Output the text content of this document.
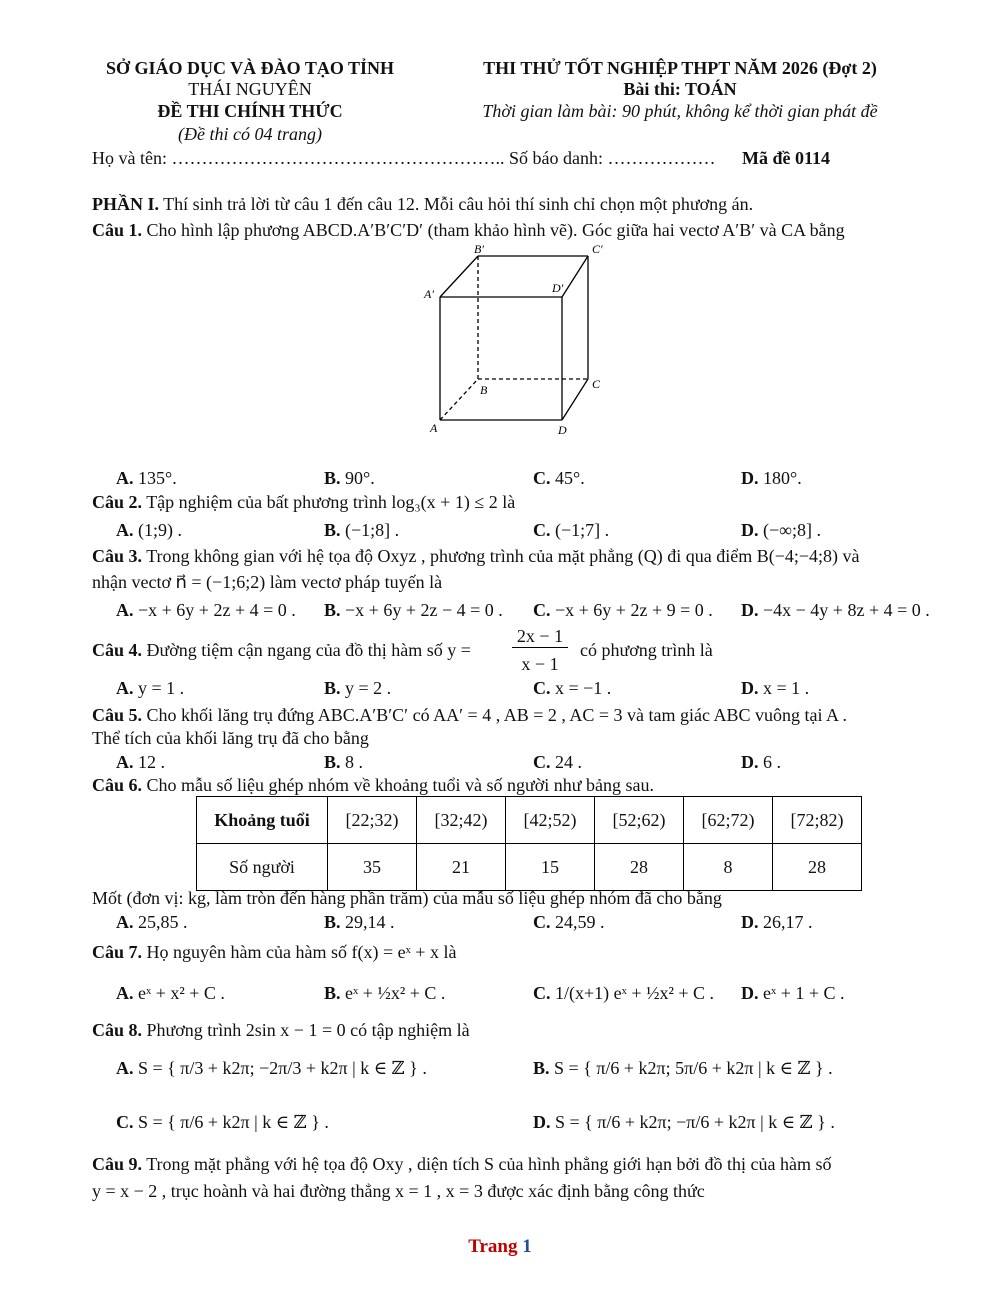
SỞ GIÁO DỤC VÀ ĐÀO TẠO TỈNH
THÁI NGUYÊN
ĐỀ THI CHÍNH THỨC
(Đề thi có 04 trang)
THI THỬ TỐT NGHIỆP THPT NĂM 2026 (Đợt 2)
Bài thi: TOÁN
Thời gian làm bài: 90 phút, không kể thời gian phát đề
Họ và tên: ……………………………………………….. Số báo danh: ……………… Mã đề 0114
PHẦN I. Thí sinh trả lời từ câu 1 đến câu 12. Mỗi câu hỏi thí sinh chỉ chọn một phương án.
Câu 1. Cho hình lập phương ABCD.A′B′C′D′ (tham khảo hình vẽ). Góc giữa hai vectơ A′B′ và CA bằng
B′	C′
A′	D′
B	C
A	D
A. 135°.	B. 90°.	C. 45°.	D. 180°.
Câu 2. Tập nghiệm của bất phương trình log₃(x + 1) ≤ 2 là
A. (1;9) .	B. (−1;8] .	C. (−1;7] .	D. (−∞;8] .
Câu 3. Trong không gian với hệ tọa độ Oxyz , phương trình của mặt phẳng (Q) đi qua điểm B(−4;−4;8) và
nhận vectơ n⃗ = (−1;6;2) làm vectơ pháp tuyến là
A. −x + 6y + 2z + 4 = 0 . B. −x + 6y + 2z − 4 = 0 . C. −x + 6y + 2z + 9 = 0 . D. −4x − 4y + 8z + 4 = 0 .
Câu 4. Đường tiệm cận ngang của đồ thị hàm số y =
2x − 1
x − 1
có phương trình là
A. y = 1 .	B. y = 2 .	C. x = −1 .	D. x = 1 .
Câu 5. Cho khối lăng trụ đứng ABC.A′B′C′ có AA′ = 4 , AB = 2 , AC = 3 và tam giác ABC vuông tại A .
Thể tích của khối lăng trụ đã cho bằng
A. 12 .	B. 8 .	C. 24 .	D. 6 .
Câu 6. Cho mẫu số liệu ghép nhóm về khoảng tuổi và số người như bảng sau.
Khoảng tuổi	[22;32)	[32;42)	[42;52)	[52;62)	[62;72)	[72;82)
Số người	35	21	15	28	8	28
Mốt (đơn vị: kg, làm tròn đến hàng phần trăm) của mẫu số liệu ghép nhóm đã cho bằng
A. 25,85 .	B. 29,14 .	C. 24,59 .	D. 26,17 .
Câu 7. Họ nguyên hàm của hàm số f(x) = eˣ + x là
A. eˣ + x² + C .	B. eˣ + ½x² + C .	C. 1/(x+1) eˣ + ½x² + C . D. eˣ + 1 + C .
Câu 8. Phương trình 2sin x − 1 = 0 có tập nghiệm là
A. S = { π/3 + k2π; −2π/3 + k2π | k ∈ ℤ } .	B. S = { π/6 + k2π; 5π/6 + k2π | k ∈ ℤ } .
C. S = { π/6 + k2π | k ∈ ℤ } .	D. S = { π/6 + k2π; −π/6 + k2π | k ∈ ℤ } .
Câu 9. Trong mặt phẳng với hệ tọa độ Oxy , diện tích S của hình phẳng giới hạn bởi đồ thị của hàm số
y = x − 2 , trục hoành và hai đường thẳng x = 1 , x = 3 được xác định bằng công thức
Trang 1
